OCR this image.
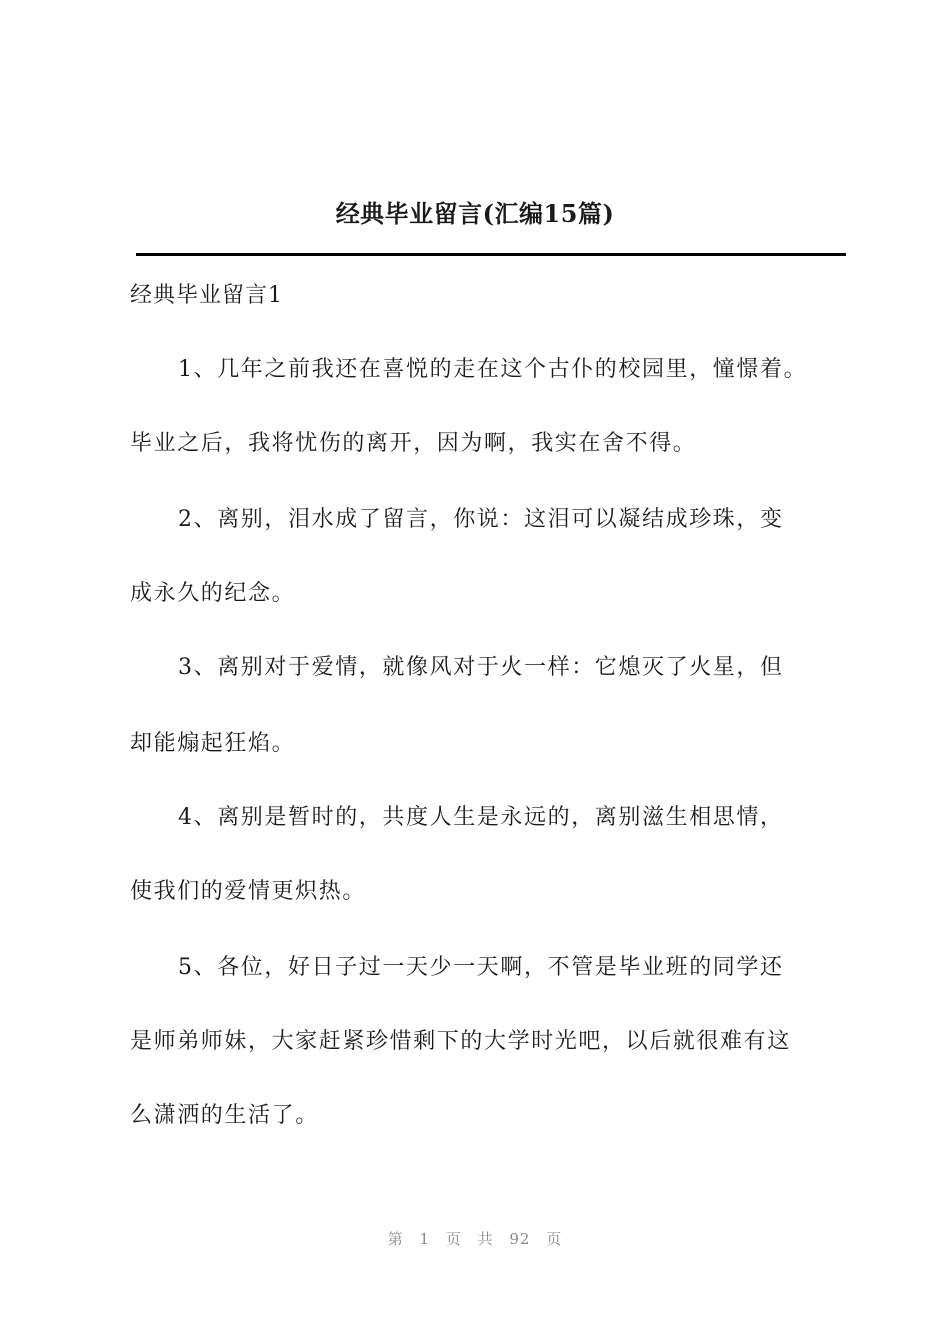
经典毕业留言(汇编15篇)
经典毕业留言1

1、几年之前我还在喜悦的走在这个古仆的校园里，憧憬着。

毕业之后，我将忧伤的离开，因为啊，我实在舍不得。

2、离别，泪水成了留言，你说：这泪可以凝结成珍珠，变

成永久的纪念。

3、离别对于爱情，就像风对于火一样：它熄灭了火星，但

却能煽起狂焰。

4、离别是暂时的，共度人生是永远的，离别滋生相思情，

使我们的爱情更炽热。

5、各位，好日子过一天少一天啊，不管是毕业班的同学还

是师弟师妹，大家赶紧珍惜剩下的大学时光吧，以后就很难有这

么潇洒的生活了。

第 1 页 共 92 页
